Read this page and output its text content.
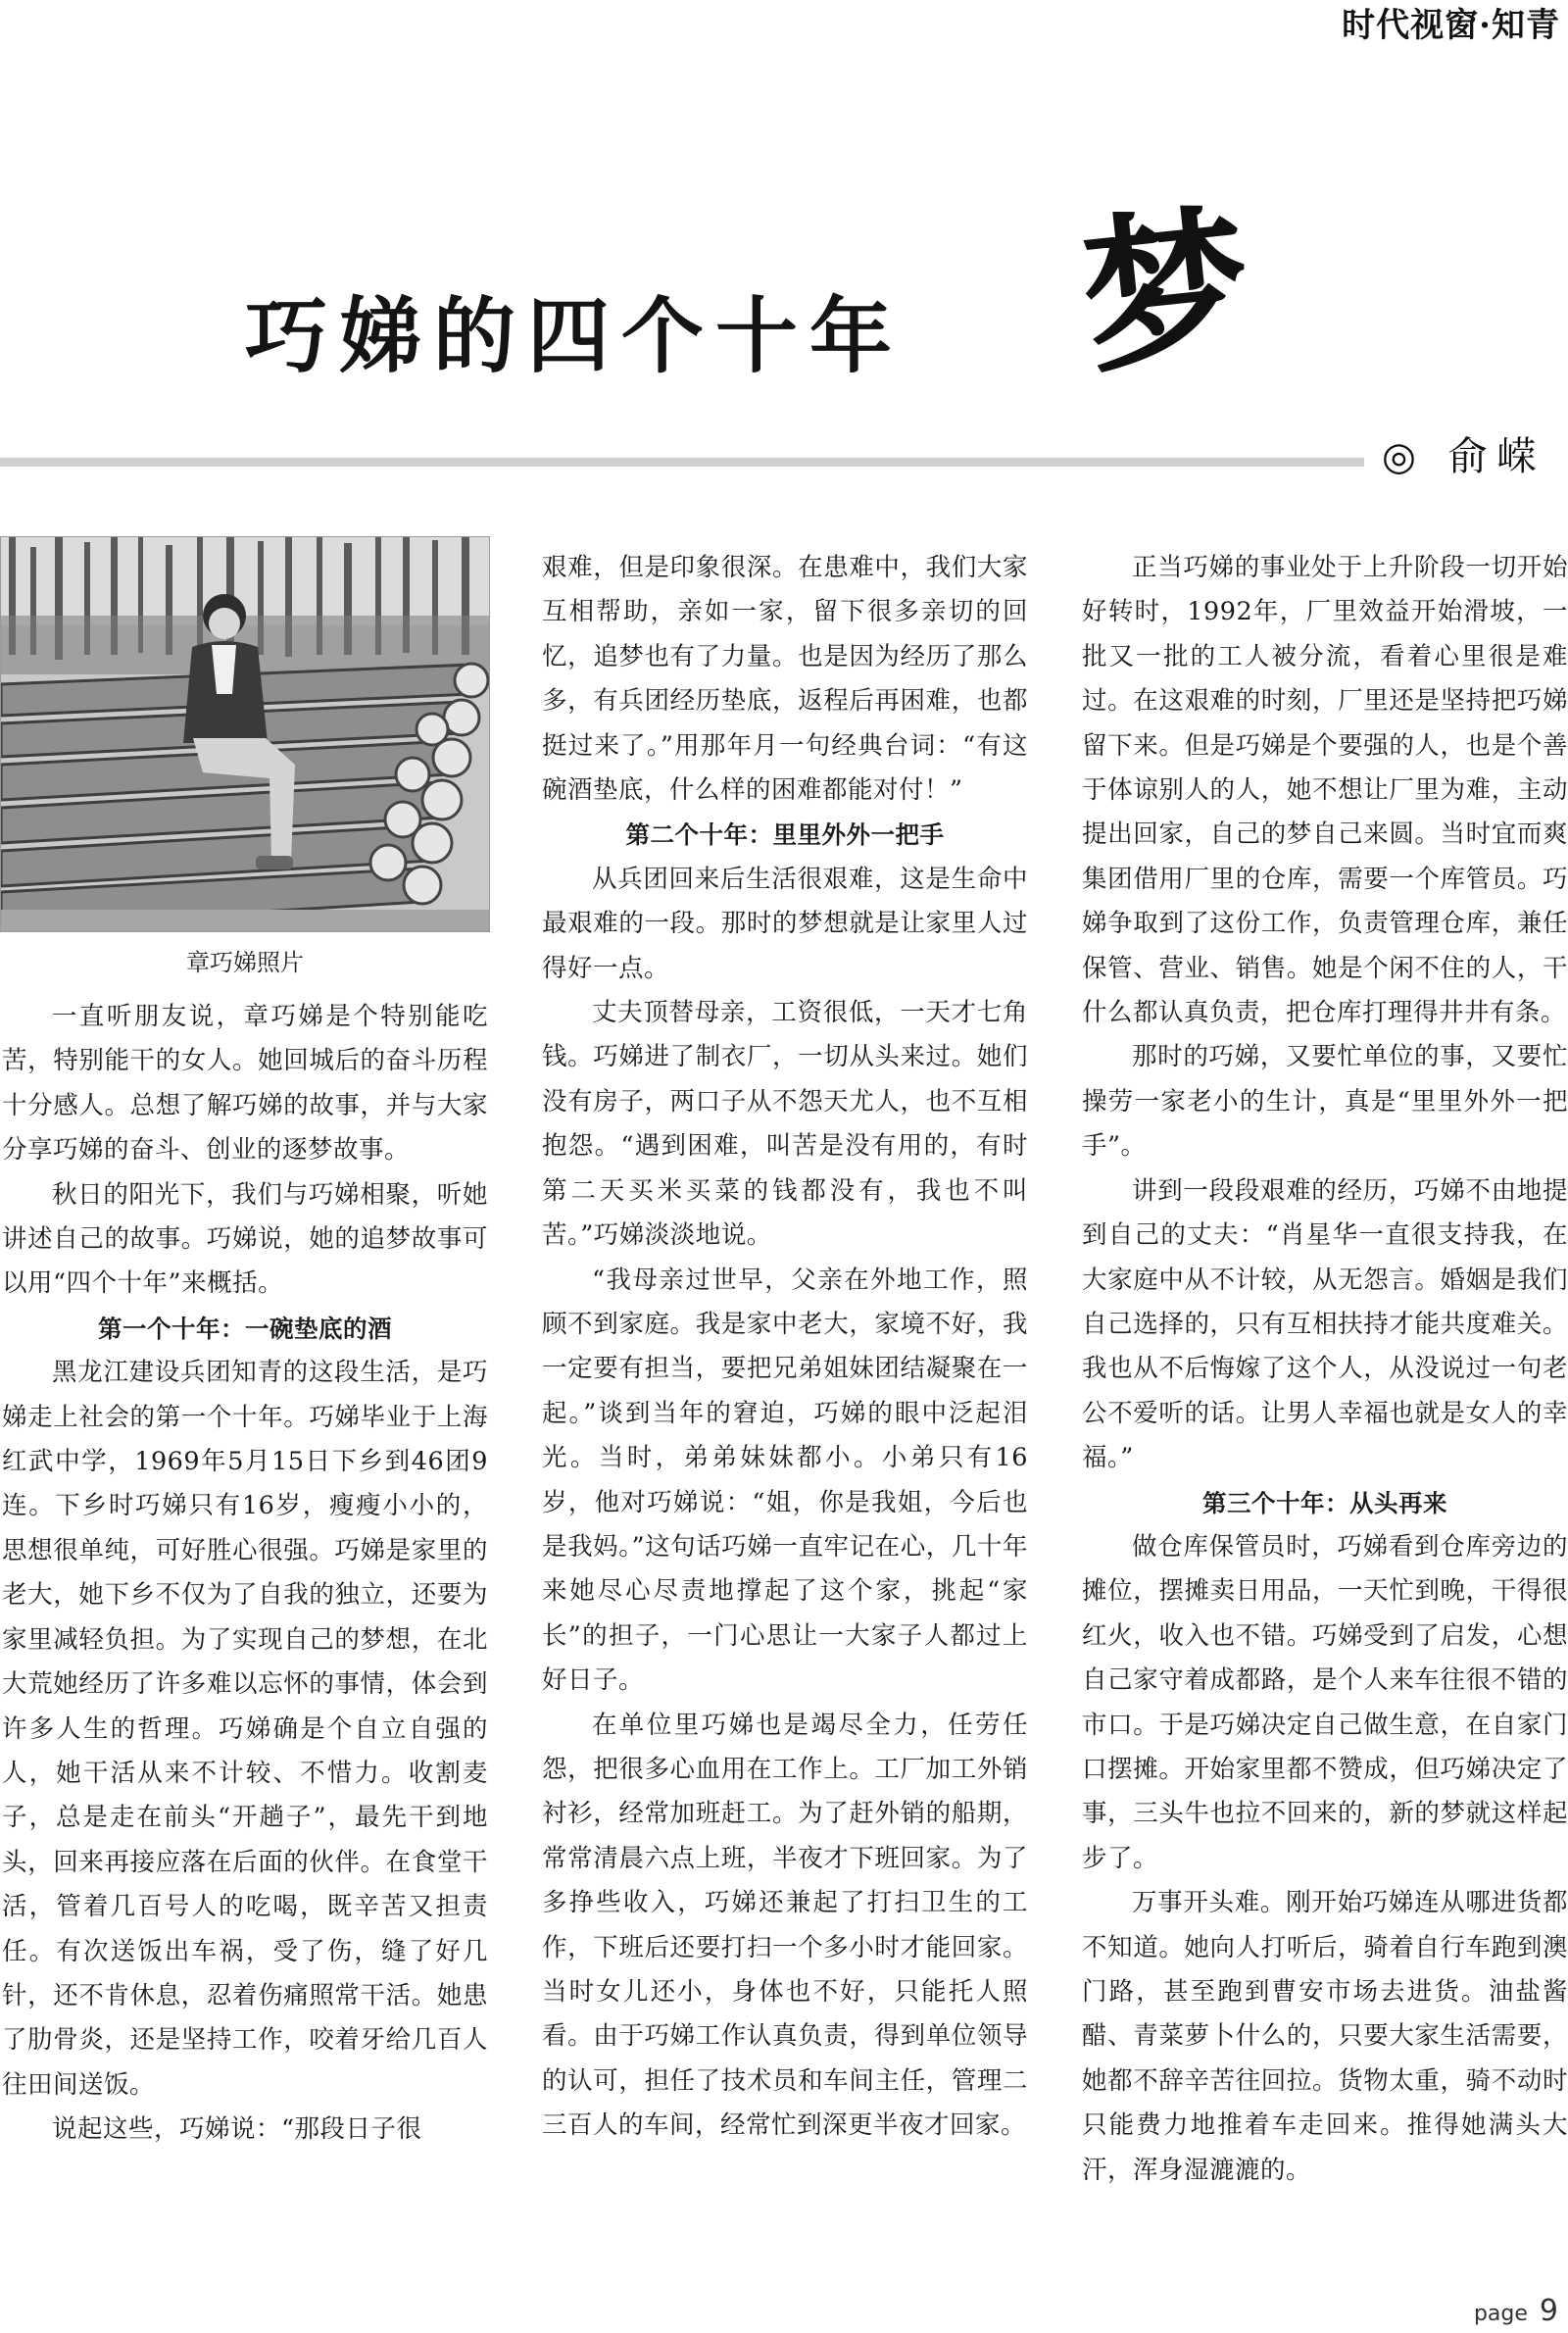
时代视窗·知青
巧娣的四个十年 梦
◎ 俞嵘
章巧娣照片

一直听朋友说，章巧娣是个特别能吃苦，特别能干的女人。她回城后的奋斗历程十分感人。总想了解巧娣的故事，并与大家分享巧娣的奋斗、创业的逐梦故事。

秋日的阳光下，我们与巧娣相聚，听她讲述自己的故事。巧娣说，她的追梦故事可以用“四个十年”来概括。

第一个十年：一碗垫底的酒

黑龙江建设兵团知青的这段生活，是巧娣走上社会的第一个十年。巧娣毕业于上海红武中学，1969年5月15日下乡到46团9连。下乡时巧娣只有16岁，瘦瘦小小的，思想很单纯，可好胜心很强。巧娣是家里的老大，她下乡不仅为了自我的独立，还要为家里减轻负担。为了实现自己的梦想，在北大荒她经历了许多难以忘怀的事情，体会到许多人生的哲理。巧娣确是个自立自强的人，她干活从来不计较、不惜力。收割麦子，总是走在前头“开趟子”，最先干到地头，回来再接应落在后面的伙伴。在食堂干活，管着几百号人的吃喝，既辛苦又担责任。有次送饭出车祸，受了伤，缝了好几针，还不肯休息，忍着伤痛照常干活。她患了肋骨炎，还是坚持工作，咬着牙给几百人往田间送饭。

说起这些，巧娣说：“那段日子很

艰难，但是印象很深。在患难中，我们大家互相帮助，亲如一家，留下很多亲切的回忆，追梦也有了力量。也是因为经历了那么多，有兵团经历垫底，返程后再困难，也都挺过来了。”用那年月一句经典台词：“有这碗酒垫底，什么样的困难都能对付！”

第二个十年：里里外外一把手

从兵团回来后生活很艰难，这是生命中最艰难的一段。那时的梦想就是让家里人过得好一点。

丈夫顶替母亲，工资很低，一天才七角钱。巧娣进了制衣厂，一切从头来过。她们没有房子，两口子从不怨天尤人，也不互相抱怨。“遇到困难，叫苦是没有用的，有时第二天买米买菜的钱都没有，我也不叫苦。”巧娣淡淡地说。

“我母亲过世早，父亲在外地工作，照顾不到家庭。我是家中老大，家境不好，我一定要有担当，要把兄弟姐妹团结凝聚在一起。”谈到当年的窘迫，巧娣的眼中泛起泪光。当时，弟弟妹妹都小。小弟只有16岁，他对巧娣说：“姐，你是我姐，今后也是我妈。”这句话巧娣一直牢记在心，几十年来她尽心尽责地撑起了这个家，挑起“家长”的担子，一门心思让一大家子人都过上好日子。

在单位里巧娣也是竭尽全力，任劳任怨，把很多心血用在工作上。工厂加工外销衬衫，经常加班赶工。为了赶外销的船期，常常清晨六点上班，半夜才下班回家。为了多挣些收入，巧娣还兼起了打扫卫生的工作，下班后还要打扫一个多小时才能回家。当时女儿还小，身体也不好，只能托人照看。由于巧娣工作认真负责，得到单位领导的认可，担任了技术员和车间主任，管理二三百人的车间，经常忙到深更半夜才回家。

正当巧娣的事业处于上升阶段一切开始好转时，1992年，厂里效益开始滑坡，一批又一批的工人被分流，看着心里很是难过。在这艰难的时刻，厂里还是坚持把巧娣留下来。但是巧娣是个要强的人，也是个善于体谅别人的人，她不想让厂里为难，主动提出回家，自己的梦自己来圆。当时宜而爽集团借用厂里的仓库，需要一个库管员。巧娣争取到了这份工作，负责管理仓库，兼任保管、营业、销售。她是个闲不住的人，干什么都认真负责，把仓库打理得井井有条。

那时的巧娣，又要忙单位的事，又要忙操劳一家老小的生计，真是“里里外外一把手”。

讲到一段段艰难的经历，巧娣不由地提到自己的丈夫：“肖星华一直很支持我，在大家庭中从不计较，从无怨言。婚姻是我们自己选择的，只有互相扶持才能共度难关。我也从不后悔嫁了这个人，从没说过一句老公不爱听的话。让男人幸福也就是女人的幸福。”

第三个十年：从头再来

做仓库保管员时，巧娣看到仓库旁边的摊位，摆摊卖日用品，一天忙到晚，干得很红火，收入也不错。巧娣受到了启发，心想自己家守着成都路，是个人来车往很不错的市口。于是巧娣决定自己做生意，在自家门口摆摊。开始家里都不赞成，但巧娣决定了事，三头牛也拉不回来的，新的梦就这样起步了。

万事开头难。刚开始巧娣连从哪进货都不知道。她向人打听后，骑着自行车跑到澳门路，甚至跑到曹安市场去进货。油盐酱醋、青菜萝卜什么的，只要大家生活需要，她都不辞辛苦往回拉。货物太重，骑不动时只能费力地推着车走回来。推得她满头大汗，浑身湿漉漉的。

page 9
